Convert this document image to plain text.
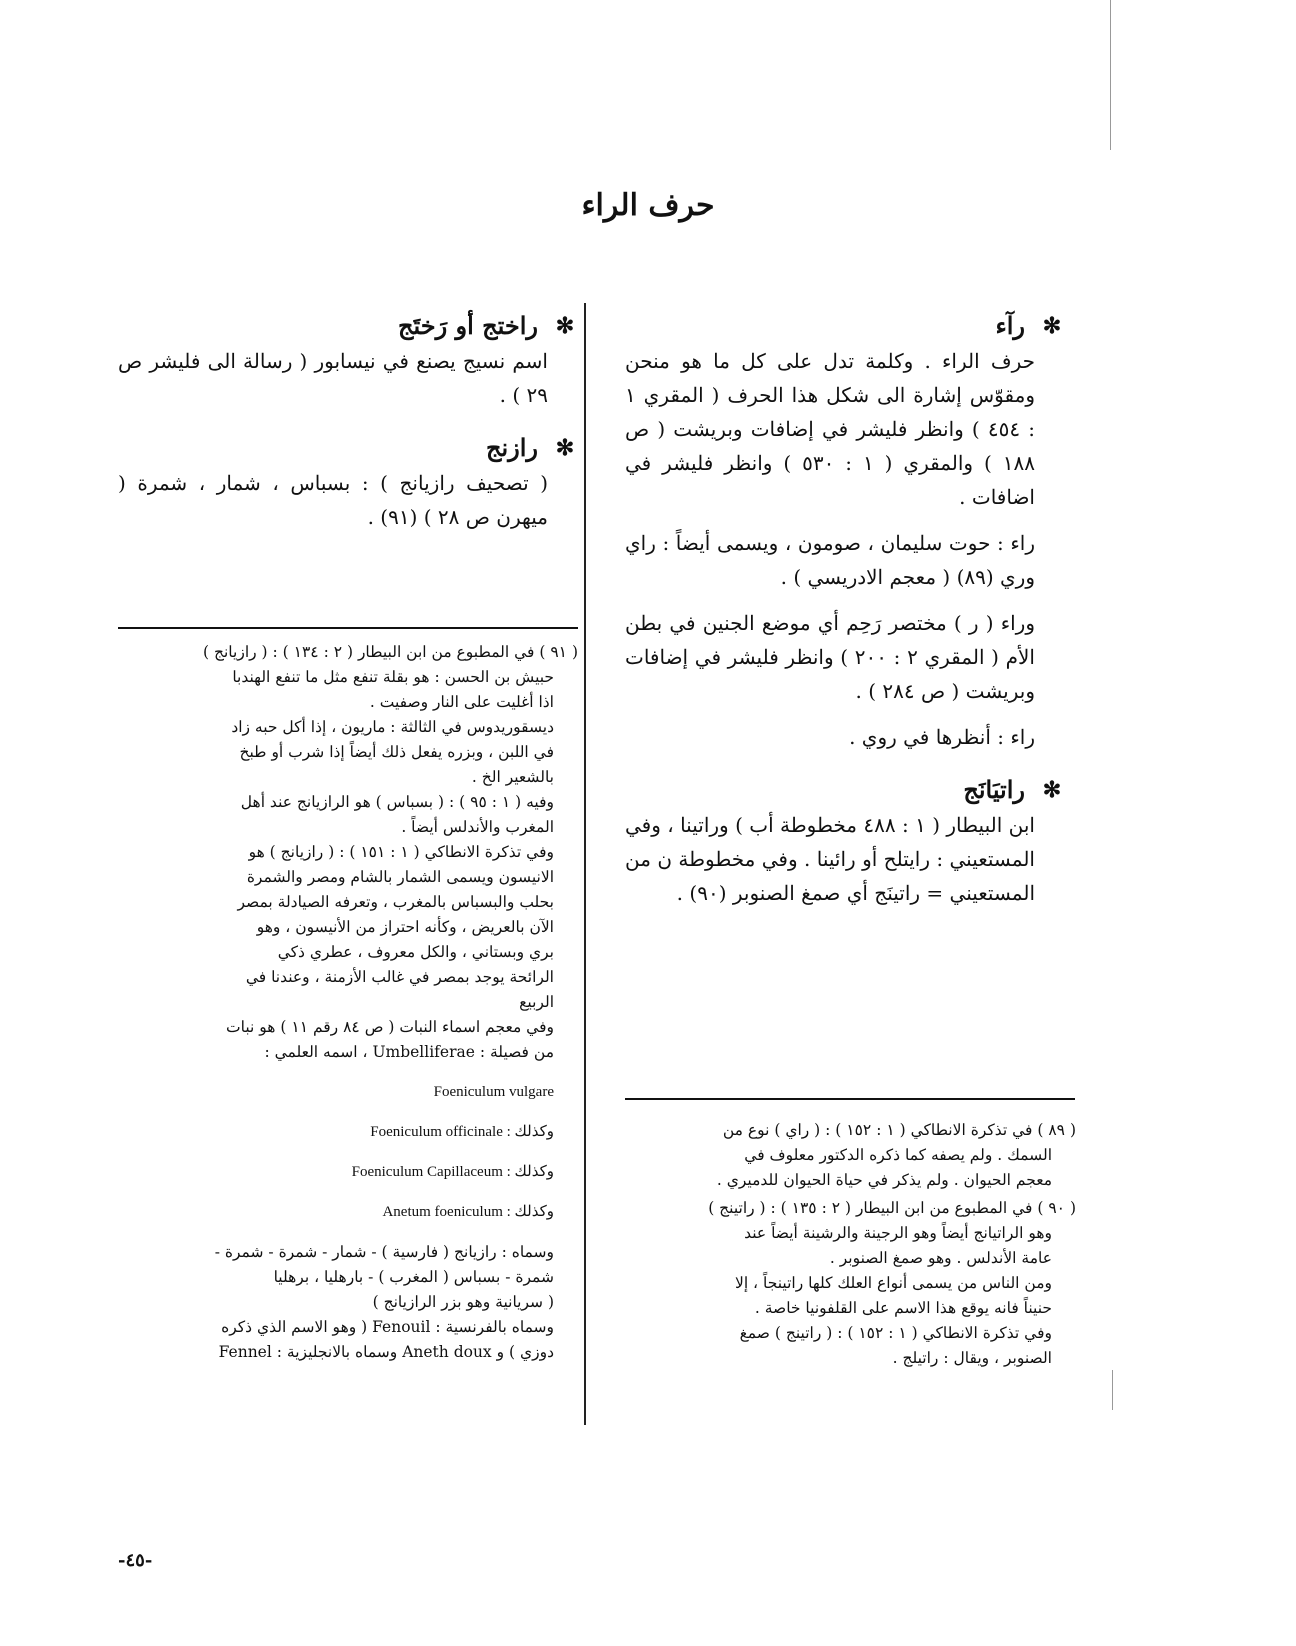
حرف الراء
✻
رآء

حرف الراء . وكلمة تدل على كل ما هو منحن ومقوّس إشارة الى شكل هذا الحرف ( المقري ١ : ٤٥٤ ) وانظر فليشر في إضافات وبريشت ( ص ١٨٨ ) والمقري ( ١ : ٥٣٠ ) وانظر فليشر في اضافات .

راء : حوت سليمان ، صومون ، ويسمى أيضاً : راي وري (٨٩) ( معجم الادريسي ) .

وراء ( ر ) مختصر رَحِم أي موضع الجنين في بطن الأم ( المقري ٢ : ٢٠٠ ) وانظر فليشر في إضافات وبريشت ( ص ٢٨٤ ) .

راء : أنظرها في روي .

✻
راتيَانَج

ابن البيطار ( ١ : ٤٨٨ مخطوطة أب ) وراتينا ، وفي المستعيني : رايتلح أو رائينا . وفي مخطوطة ن من المستعيني = راتينَج أي صمغ الصنوبر (٩٠) .

✻
راختج أو رَختَج

اسم نسيج يصنع في نيسابور ( رسالة الى فليشر ص ٢٩ ) .

✻
رازنج

( تصحيف رازيانج ) : بسباس ، شمار ، شمرة ( ميهرن ص ٢٨ ) (٩١) .

( ٩١ ) في المطبوع من ابن البيطار ( ٢ : ١٣٤ ) : ( رازيانج )

حبيش بن الحسن : هو بقلة تنفع مثل ما تنفع الهندبا

اذا أغليت على النار وصفيت .

ديسقوريدوس في الثالثة : ماريون ، إذا أكل حبه زاد

في اللبن ، وبزره يفعل ذلك أيضاً إذا شرب أو طبخ

بالشعير الخ .

وفيه ( ١ : ٩٥ ) : ( بسباس ) هو الرازيانج عند أهل

المغرب والأندلس أيضاً .

وفي تذكرة الانطاكي ( ١ : ١٥١ ) : ( رازيانج ) هو

الانيسون ويسمى الشمار بالشام ومصر والشمرة

بحلب والبسباس بالمغرب ، وتعرفه الصيادلة بمصر

الآن بالعريض ، وكأنه احتراز من الأنيسون ، وهو

بري وبستاني ، والكل معروف ، عطري ذكي

الرائحة يوجد بمصر في غالب الأزمنة ، وعندنا في

الربيع

وفي معجم اسماء النبات ( ص ٨٤ رقم ١١ ) هو نبات

من فصيلة : Umbelliferae ، اسمه العلمي :

Foeniculum vulgare

Foeniculum officinale وكذلك :

Foeniculum Capillaceum وكذلك :

Anetum foeniculum وكذلك :

وسماه : رازيانج ( فارسية ) - شمار - شمرة - شمرة -

شمرة - بسباس ( المغرب ) - بارهليا ، برهليا

( سريانية وهو بزر الرازيانج )

وسماه بالفرنسية : Fenouil ( وهو الاسم الذي ذكره

دوزي ) و Aneth doux وسماه بالانجليزية : Fennel

( ٨٩ ) في تذكرة الانطاكي ( ١ : ١٥٢ ) : ( راي ) نوع من

السمك . ولم يصفه كما ذكره الدكتور معلوف في

معجم الحيوان . ولم يذكر في حياة الحيوان للدميري .

( ٩٠ ) في المطبوع من ابن البيطار ( ٢ : ١٣٥ ) : ( راتينج )

وهو الراتيانج أيضاً وهو الرجينة والرشينة أيضاً عند

عامة الأندلس . وهو صمغ الصنوبر .

ومن الناس من يسمى أنواع العلك كلها راتينجاً ، إلا

حنيناً فانه يوقع هذا الاسم على القلفونيا خاصة .

وفي تذكرة الانطاكي ( ١ : ١٥٢ ) : ( راتينج ) صمغ

الصنوبر ، ويقال : راتيلج .

-٤٥-
